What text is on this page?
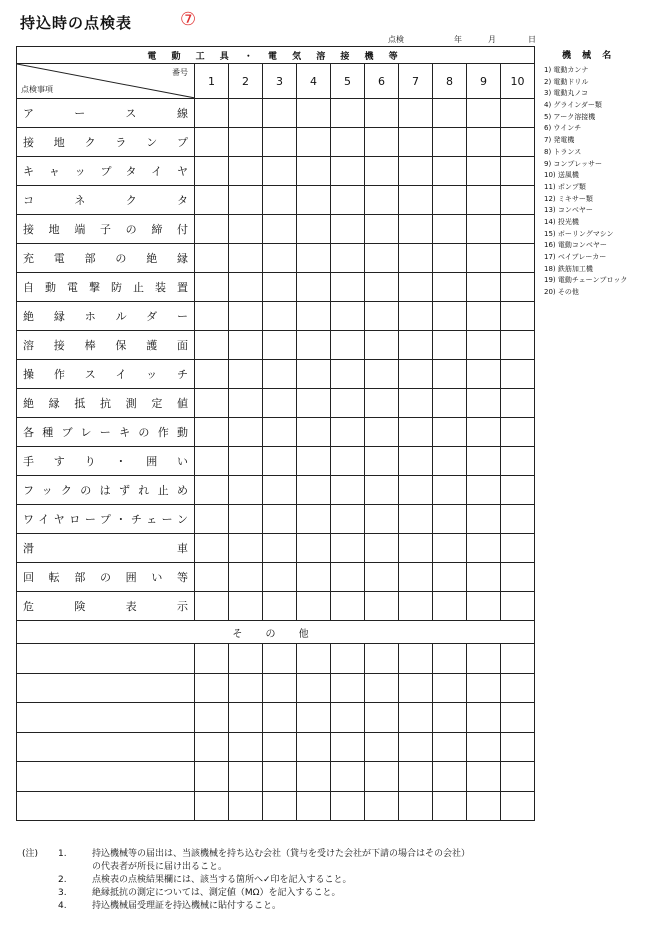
持込時の点検表	⑦
点検	年	月	日
電 動 工 具 ・ 電 気 溶 接 機 等										

番号
点検事項	1	2	3	4	5	6	7	8	9	10
アース線										
接地クランプ										
キャップタイヤ										
コネクタ										
接地端子の締付										
充電部の絶縁										
自動電撃防止装置										
絶縁ホルダー										
溶接棒保護面										
操作スイッチ										
絶縁抵抗測定値										
各種ブレーキの作動										
手すり・囲い										
フックのはずれ止め										
ワイヤロープ・チェーン										
滑車										
回転部の囲い等										
危険表示										
そ の 他										

機 械 名
1) 電動カンナ
2) 電動ドリル
3) 電動丸ノコ
4) グラインダー類
5) アーク溶接機
6) ウインチ
7) 発電機
8) トランス
9) コンプレッサー
10) 送風機
11) ポンプ類
12) ミキサー類
13) コンベヤー
14) 投光機
15) ボーリングマシン
16) 電動コンベヤー
17) ベイブレーカー
18) 鉄筋加工機
19) 電動チェーンブロック
20) その他
(注) 1.	持込機械等の届出は、当該機械を持ち込む会社（貸与を受けた会社が下請の場合はその会社）
の代表者が所長に届け出ること。
2.	点検表の点検結果欄には、該当する箇所へ✓印を記入すること。
3.	絶縁抵抗の測定については、測定値（MΩ）を記入すること。
4.	持込機械届受理証を持込機械に貼付すること。
